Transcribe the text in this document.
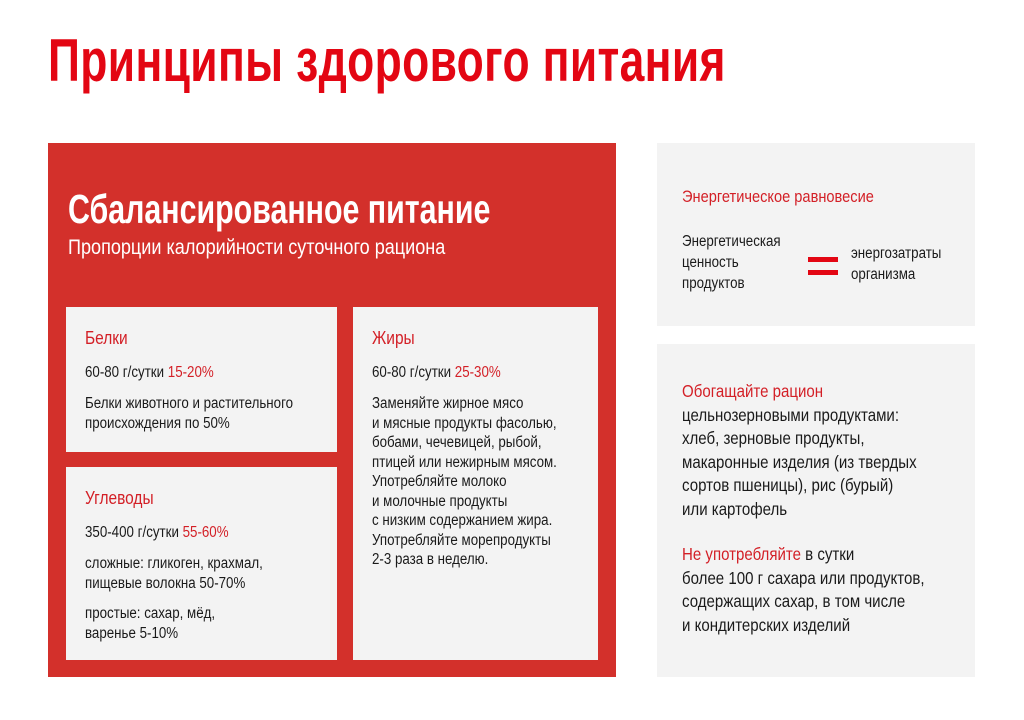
Принципы здорового питания
Сбалансированное питание
Пропорции калорийности суточного рациона
Белки
60-80 г/сутки 15-20%
Белки животного и растительного
происхождения по 50%
Углеводы
350-400 г/сутки 55-60%
сложные: гликоген, крахмал,
пищевые волокна 50-70%
простые: сахар, мёд,
варенье 5-10%
Жиры
60-80 г/сутки 25-30%
Заменяйте жирное мясо
и мясные продукты фасолью,
бобами, чечевицей, рыбой,
птицей или нежирным мясом.
Употребляйте молоко
и молочные продукты
с низким содержанием жира.
Употребляйте морепродукты
2-3 раза в неделю.
Энергетическое равновесие
Энергетическая
ценность
продуктов
энергозатраты
организма
Обогащайте рацион
цельнозерновыми продуктами:
хлеб, зерновые продукты,
макаронные изделия (из твердых
сортов пшеницы), рис (бурый)
или картофель
Не употребляйте в сутки
более 100 г сахара или продуктов,
содержащих сахар, в том числе
и кондитерских изделий
